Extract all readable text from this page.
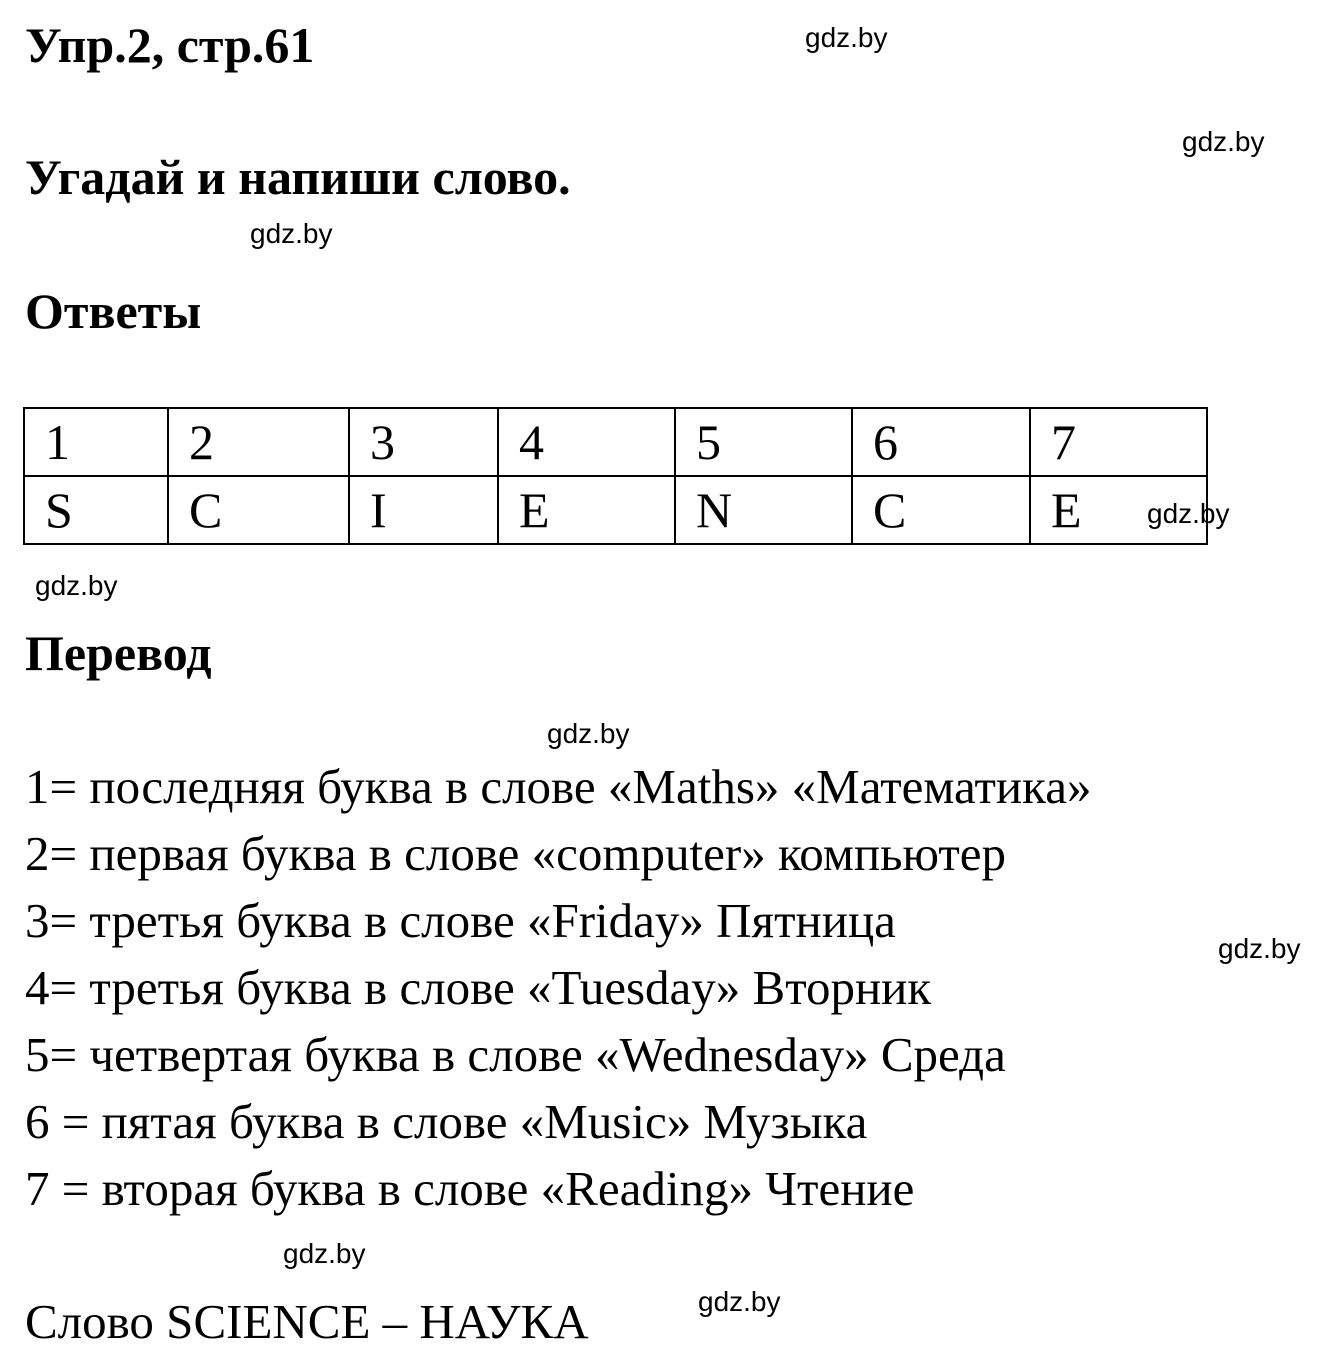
Упр.2, стр.61	gdz.by
gdz.by
Угадай и напиши слово.
gdz.by
Ответы
1	2	3	4	5	6	7
S	C	I	E	N	C	E gdz.by
gdz.by
Перевод
gdz.by
1= последняя буква в слове «Maths» «Математика»
2= первая буква в слове «computer» компьютер
3= третья буква в слове «Friday» Пятница
gdz.by
4= третья буква в слове «Tuesday» Вторник
5= четвертая буква в слове «Wednesday» Среда
6 = пятая буква в слове «Music» Музыка
7 = вторая буква в слове «Reading» Чтение
gdz.by
Слово SCIENCE – НАУКА	gdz.by
